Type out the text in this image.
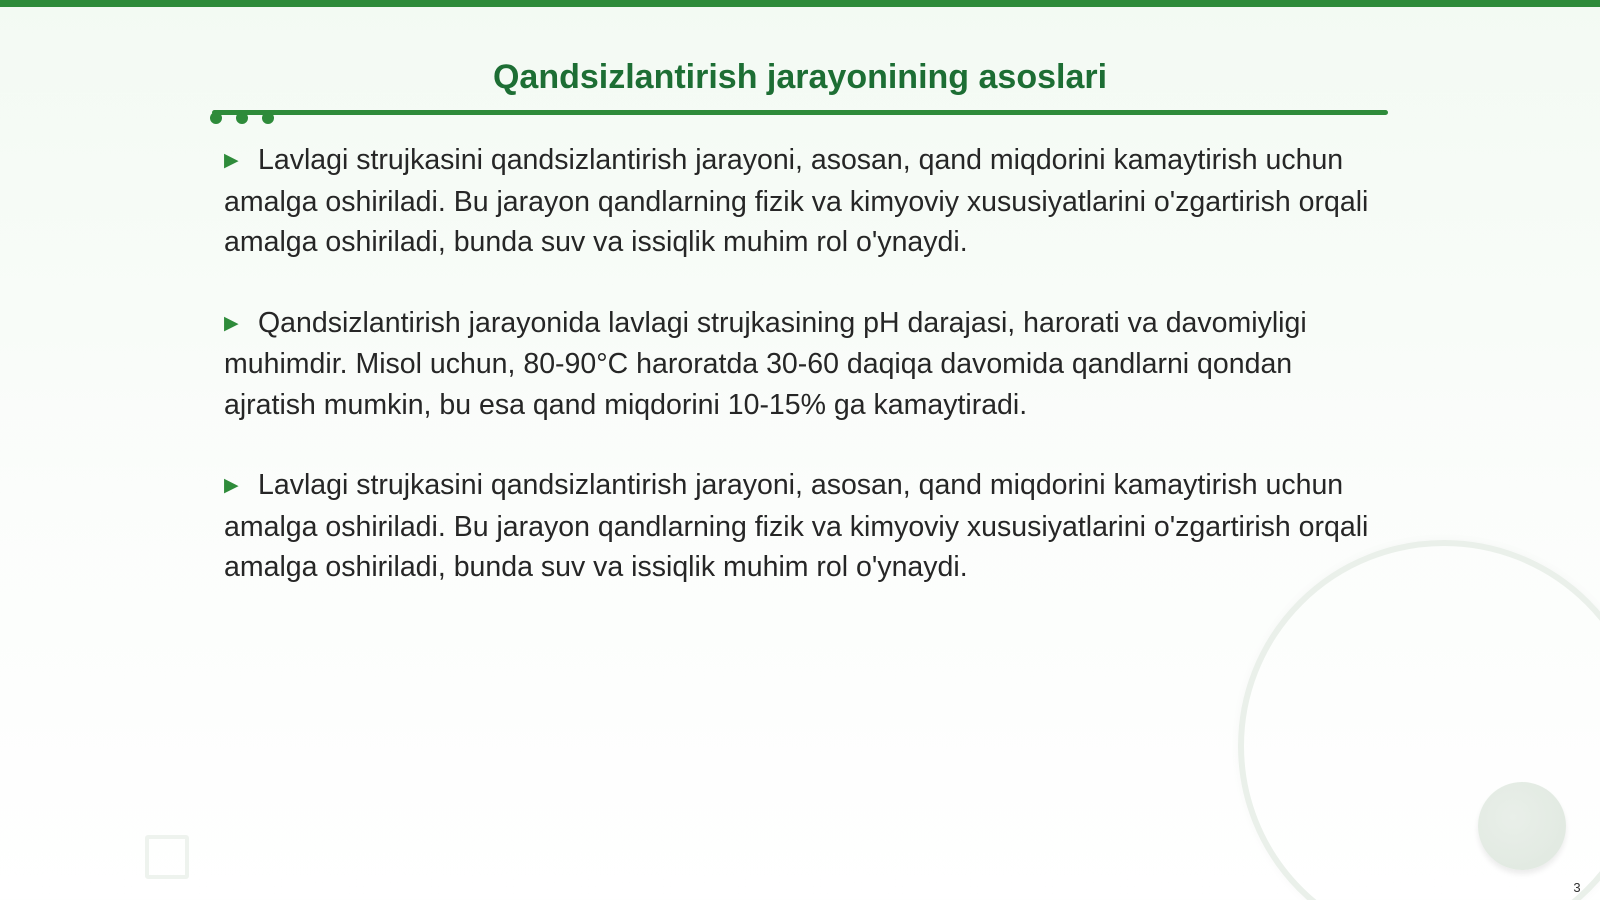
Qandsizlantirish jarayonining asoslari

▶ Lavlagi strujkasini qandsizlantirish jarayoni, asosan, qand miqdorini kamaytirish uchun amalga oshiriladi. Bu jarayon qandlarning fizik va kimyoviy xususiyatlarini o'zgartirish orqali amalga oshiriladi, bunda suv va issiqlik muhim rol o'ynaydi.

▶ Qandsizlantirish jarayonida lavlagi strujkasining pH darajasi, harorati va davomiyligi muhimdir. Misol uchun, 80-90°C haroratda 30-60 daqiqa davomida qandlarni qondan ajratish mumkin, bu esa qand miqdorini 10-15% ga kamaytiradi.

▶ Lavlagi strujkasini qandsizlantirish jarayoni, asosan, qand miqdorini kamaytirish uchun amalga oshiriladi. Bu jarayon qandlarning fizik va kimyoviy xususiyatlarini o'zgartirish orqali amalga oshiriladi, bunda suv va issiqlik muhim rol o'ynaydi.

3
